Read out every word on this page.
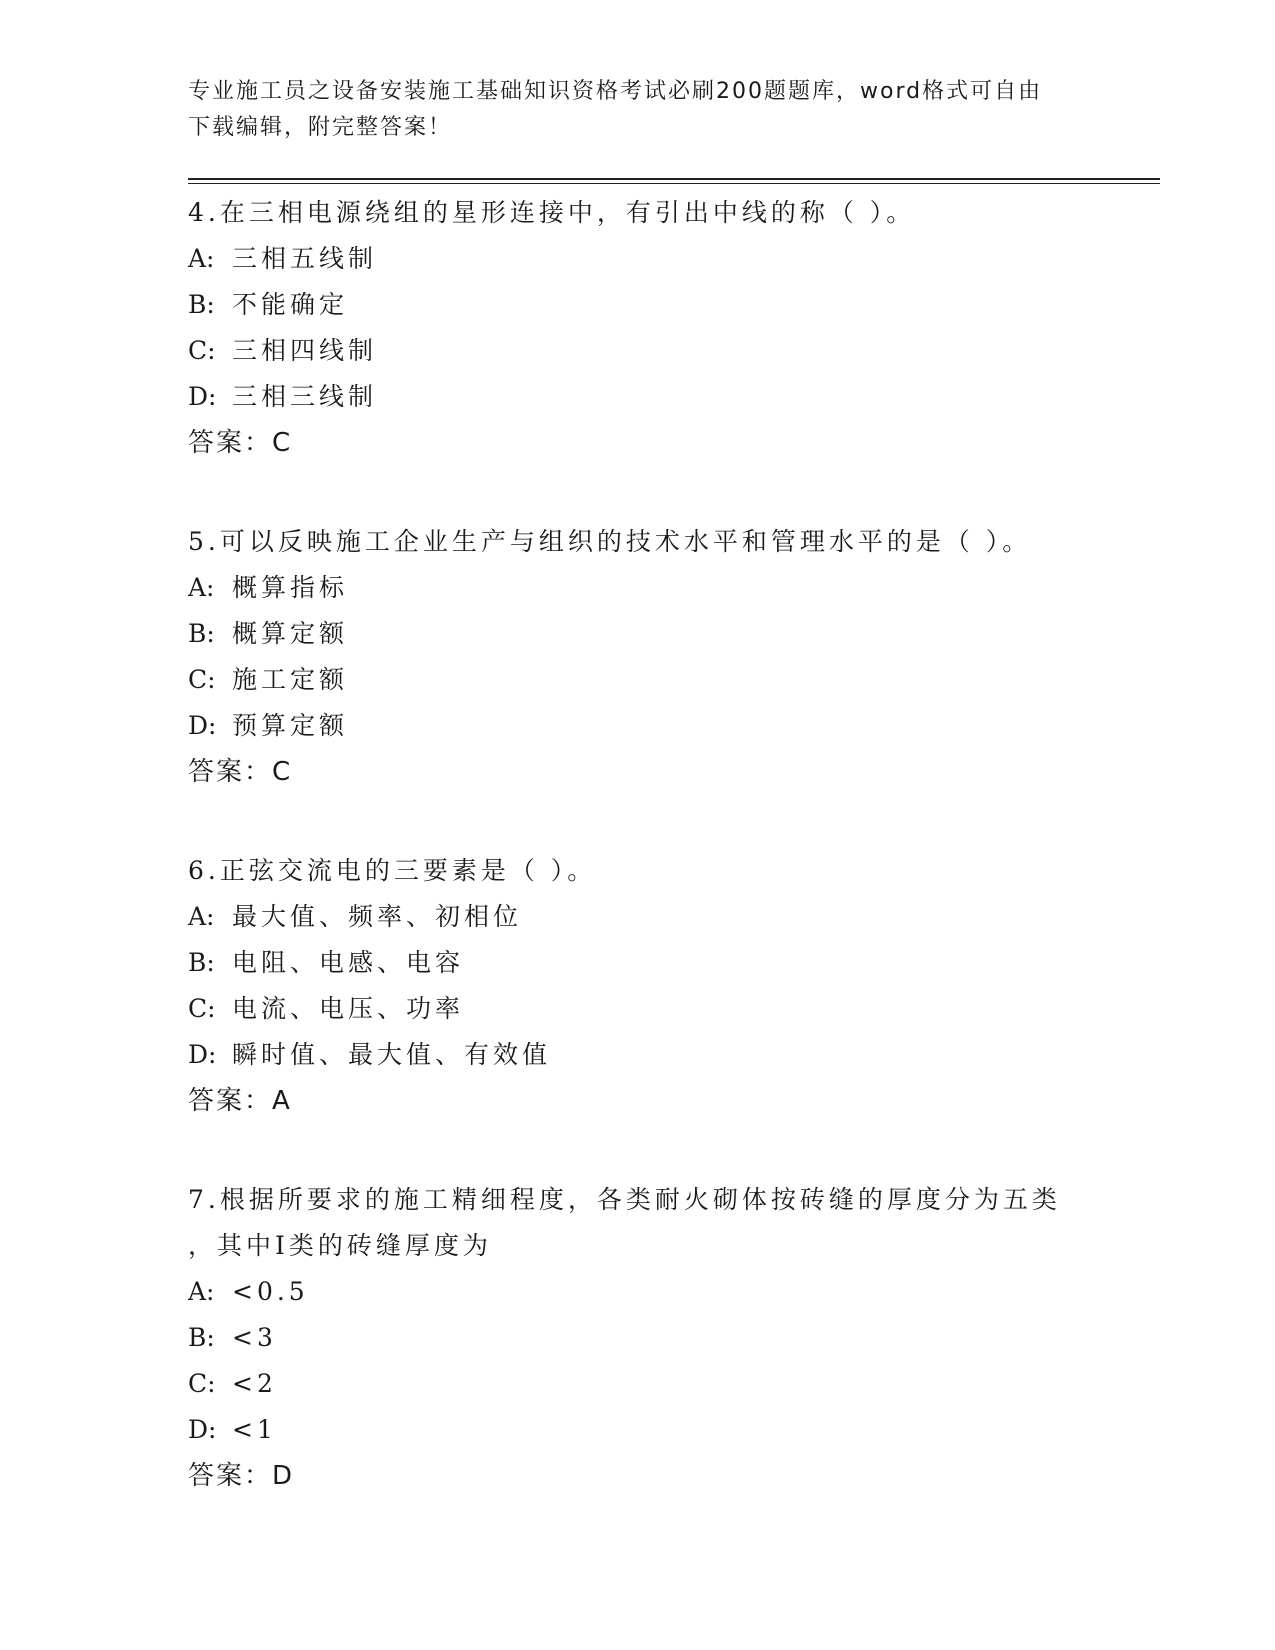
专业施工员之设备安装施工基础知识资格考试必刷200题题库，word格式可自由
下载编辑，附完整答案！
4.在三相电源绕组的星形连接中，有引出中线的称（ ）。
A: 三相五线制
B: 不能确定
C: 三相四线制
D: 三相三线制
答案：C
5.可以反映施工企业生产与组织的技术水平和管理水平的是（ ）。
A: 概算指标
B: 概算定额
C: 施工定额
D: 预算定额
答案：C
6.正弦交流电的三要素是（ ）。
A: 最大值、频率、初相位
B: 电阻、电感、电容
C: 电流、电压、功率
D: 瞬时值、最大值、有效值
答案：A
7.根据所要求的施工精细程度，各类耐火砌体按砖缝的厚度分为五类
，其中Ⅰ类的砖缝厚度为
A: <0.5
B: <3
C: <2
D: <1
答案：D
